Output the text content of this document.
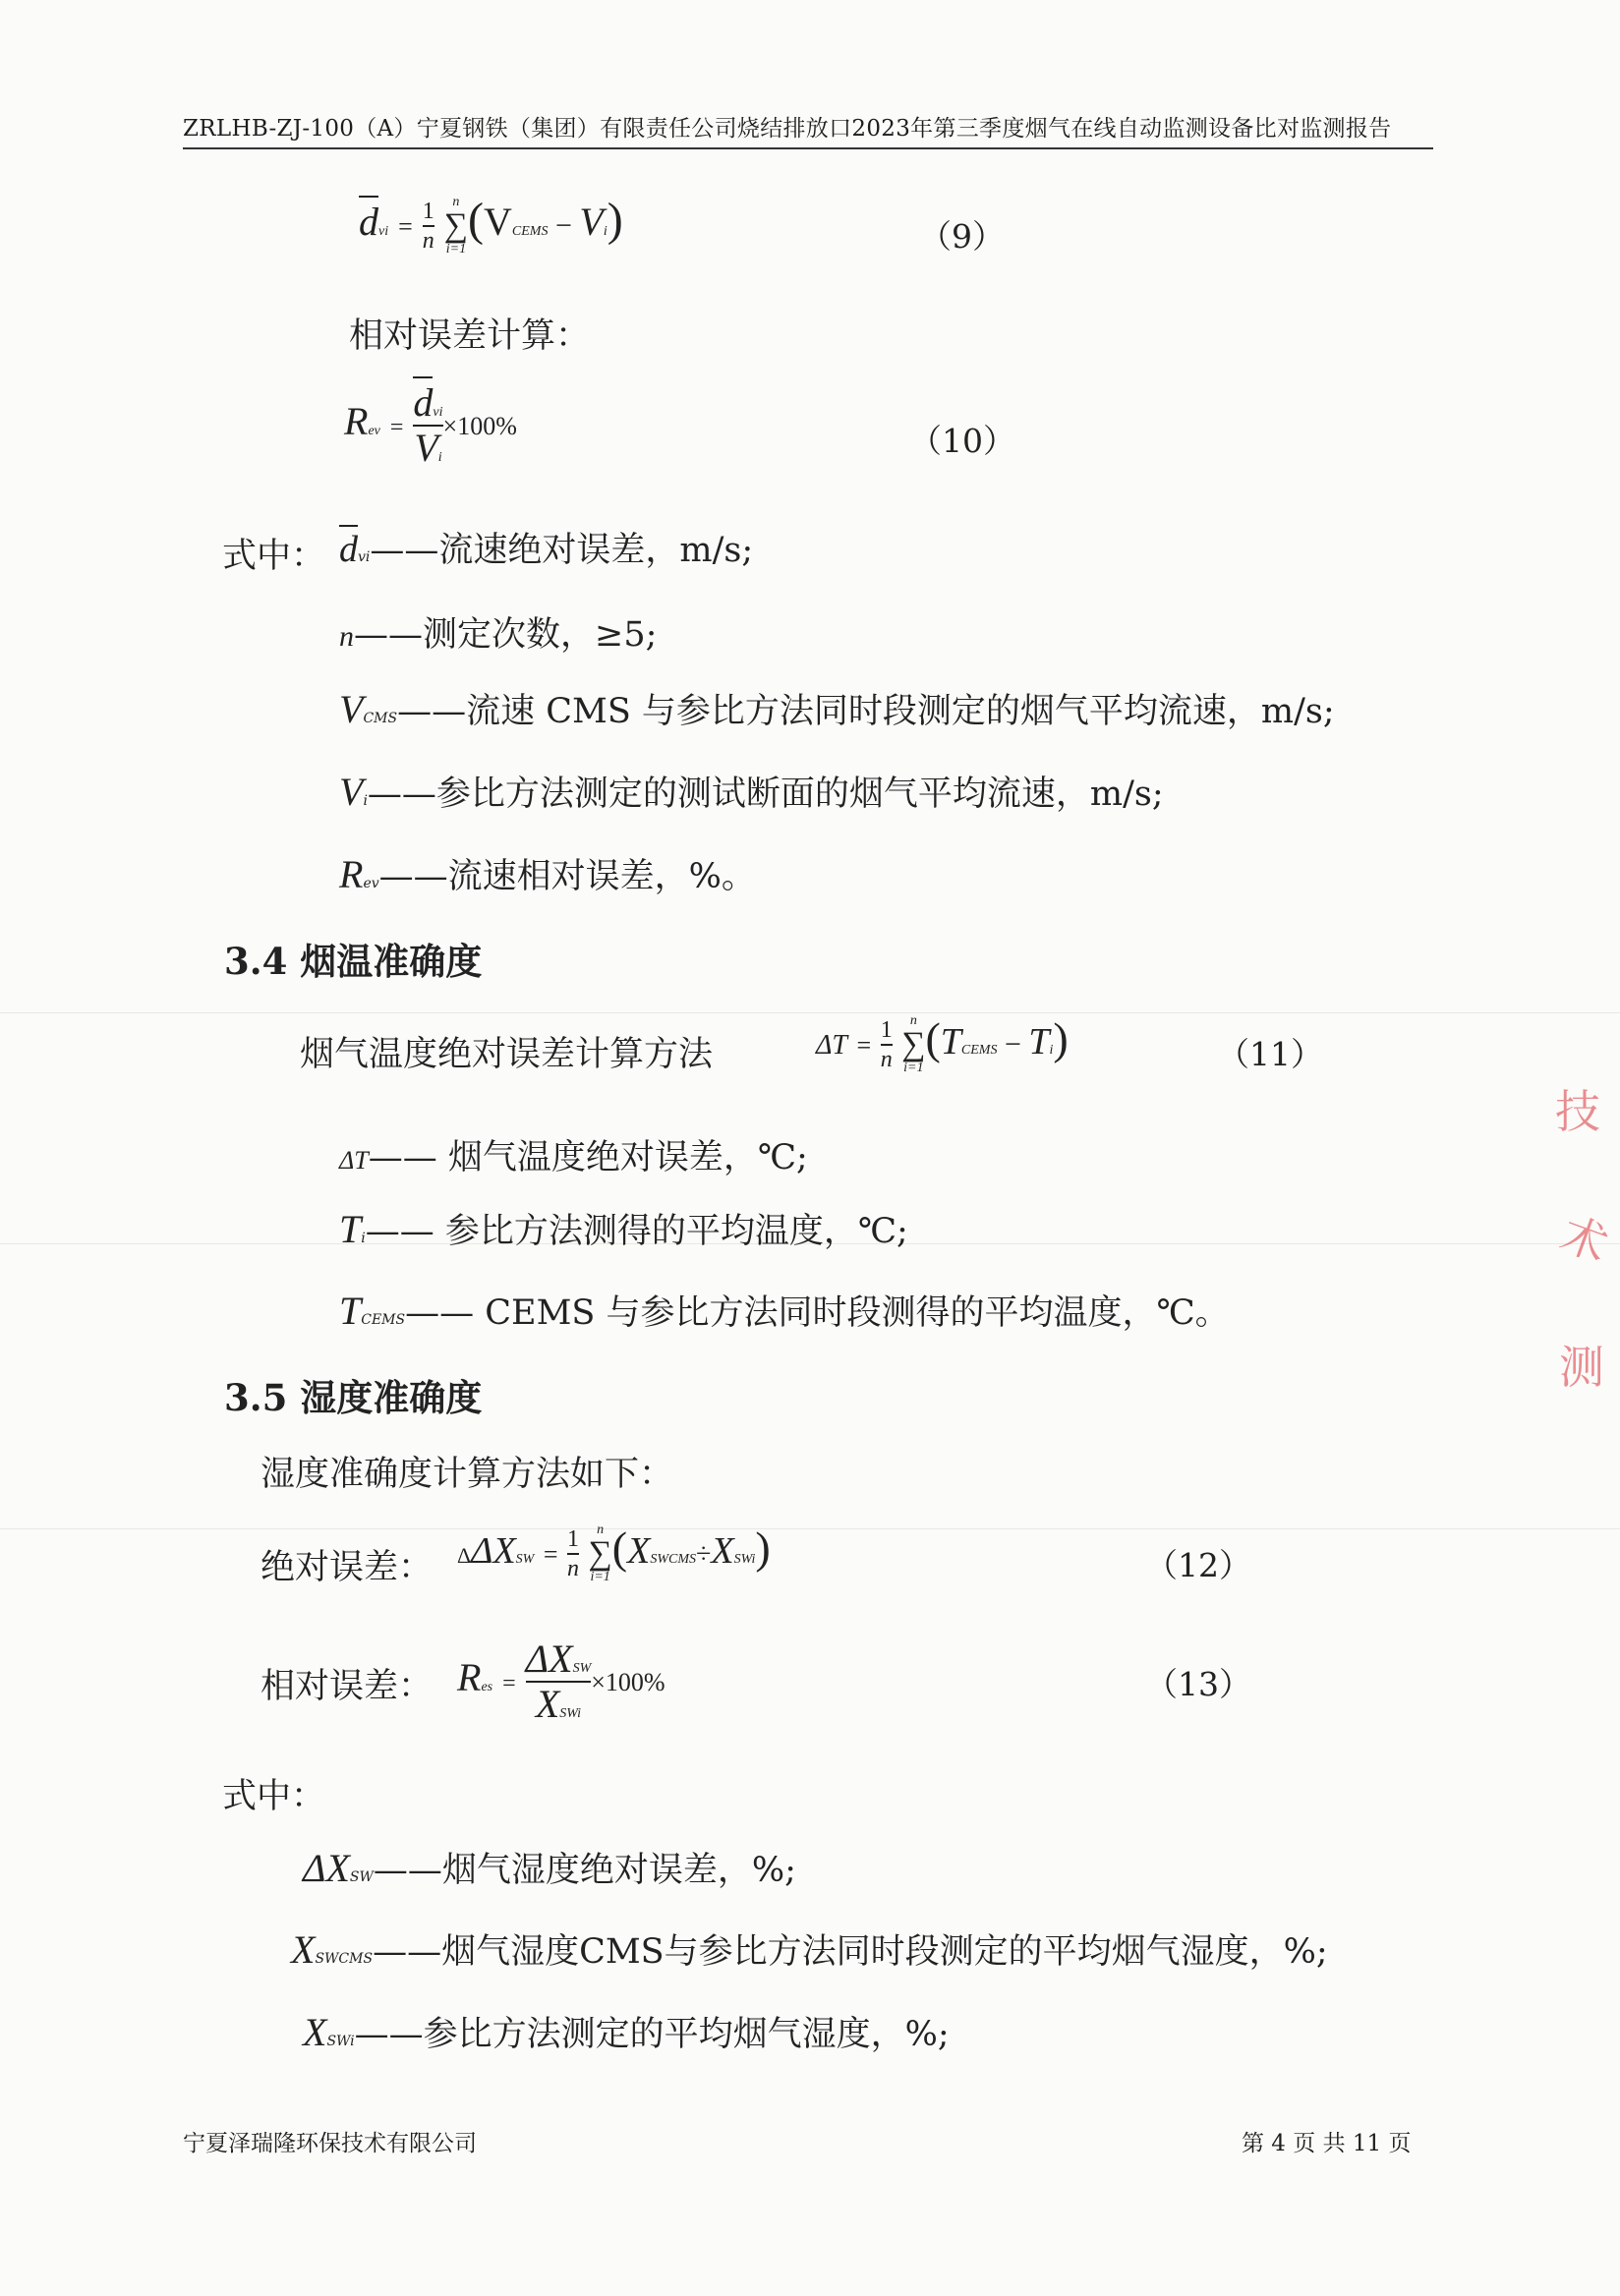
ZRLHB-ZJ-100（A）宁夏钢铁（集团）有限责任公司烧结排放口2023年第三季度烟气在线自动监测设备比对监测报告
dvi = $\frac{1}{n}$
	n
∑
i=1
(VCEMS − Vi)	（9）
相对误差计算：
Rev = $\frac{\text{dvi}}{Vi} \times 100\%$	（10）
式中： dvi——流速绝对误差，m/s;
n——测定次数，≥5;
VCMS——流速 CMS 与参比方法同时段测定的烟气平均流速，m/s;
Vi——参比方法测定的测试断面的烟气平均流速，m/s;
Rev——流速相对误差，%。
3.4 烟温准确度
烟气温度绝对误差计算方法	$\Delta T = \frac{1}{n}$
	n
∑
i=1
(TCEMS − Ti)	（11）
ΔT—— 烟气温度绝对误差，℃;
Ti—— 参比方法测得的平均温度，℃;
TCEMS—— CEMS 与参比方法同时段测得的平均温度，℃。
3.5 湿度准确度
湿度准确度计算方法如下：
绝对误差： $\Delta\Delta XSW = \frac{1}{n}$
	n
∑
i=1
(XSWCMS÷XSWi)	（12）
相对误差： Res = $\frac{\text{ΔXSW}}{\text{XSWi}} \times 100\%$	（13）
式中：
ΔXSW——烟气湿度绝对误差，%;
XSWCMS——烟气湿度CMS与参比方法同时段测定的平均烟气湿度，%;
XSWi——参比方法测定的平均烟气湿度，%;
宁夏泽瑞隆环保技术有限公司	第 4 页 共 11 页
技
术
测
